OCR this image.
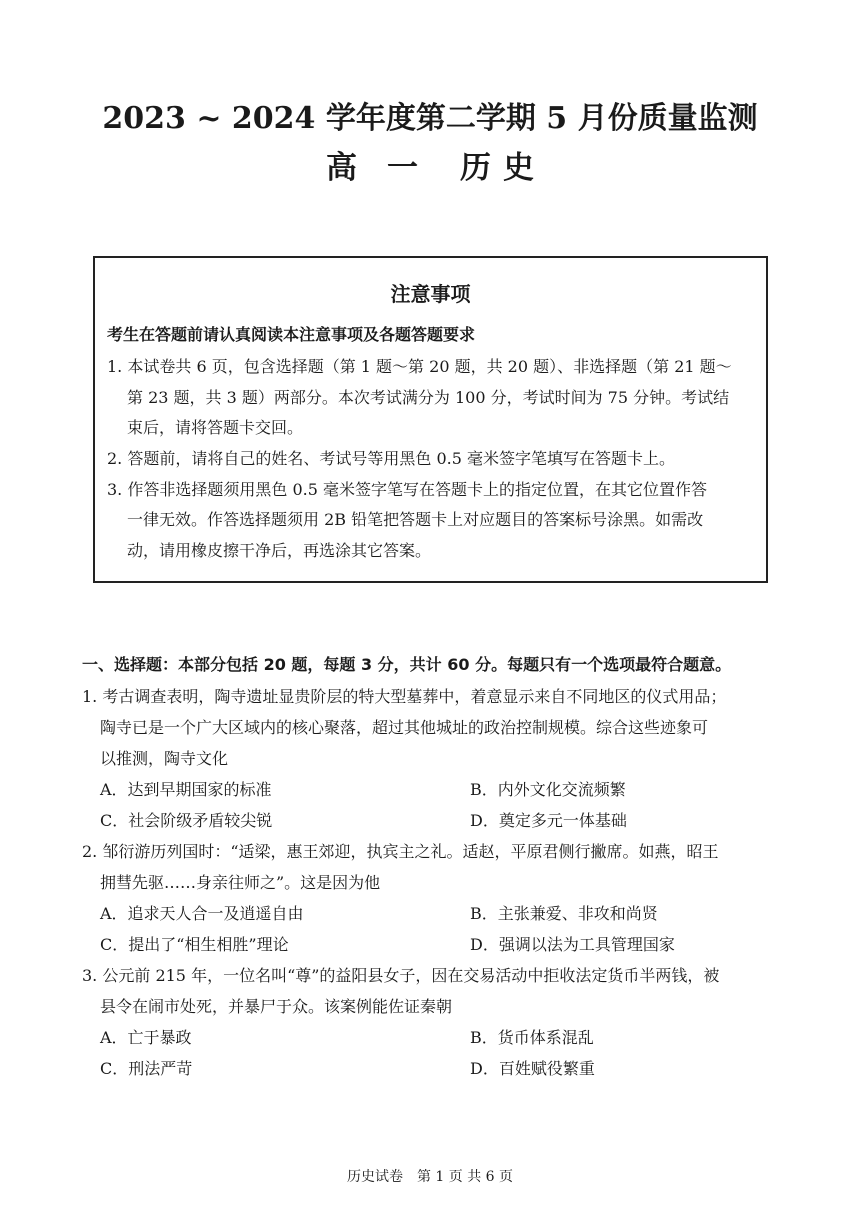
2023 ~ 2024 学年度第二学期 5 月份质量监测
高 一 历 史
注意事项
考生在答题前请认真阅读本注意事项及各题答题要求
1. 本试卷共 6 页，包含选择题（第 1 题～第 20 题，共 20 题）、非选择题（第 21 题～
第 23 题，共 3 题）两部分。本次考试满分为 100 分，考试时间为 75 分钟。考试结
束后，请将答题卡交回。
2. 答题前，请将自己的姓名、考试号等用黑色 0.5 毫米签字笔填写在答题卡上。
3. 作答非选择题须用黑色 0.5 毫米签字笔写在答题卡上的指定位置，在其它位置作答
一律无效。作答选择题须用 2B 铅笔把答题卡上对应题目的答案标号涂黑。如需改
动，请用橡皮擦干净后，再选涂其它答案。
一、选择题：本部分包括 20 题，每题 3 分，共计 60 分。每题只有一个选项最符合题意。
1. 考古调查表明，陶寺遗址显贵阶层的特大型墓葬中，着意显示来自不同地区的仪式用品；
陶寺已是一个广大区域内的核心聚落，超过其他城址的政治控制规模。综合这些迹象可
以推测，陶寺文化
A．达到早期国家的标准	B．内外文化交流频繁
C．社会阶级矛盾较尖锐	D．奠定多元一体基础
2. 邹衍游历列国时：“适梁，惠王郊迎，执宾主之礼。适赵，平原君侧行撇席。如燕，昭王
拥彗先驱……身亲往师之”。这是因为他
A．追求天人合一及逍遥自由	B．主张兼爱、非攻和尚贤
C．提出了“相生相胜”理论	D．强调以法为工具管理国家
3. 公元前 215 年，一位名叫“尊”的益阳县女子，因在交易活动中拒收法定货币半两钱，被
县令在闹市处死，并暴尸于众。该案例能佐证秦朝
A．亡于暴政	B．货币体系混乱
C．刑法严苛	D．百姓赋役繁重
历史试卷　第 1 页 共 6 页
